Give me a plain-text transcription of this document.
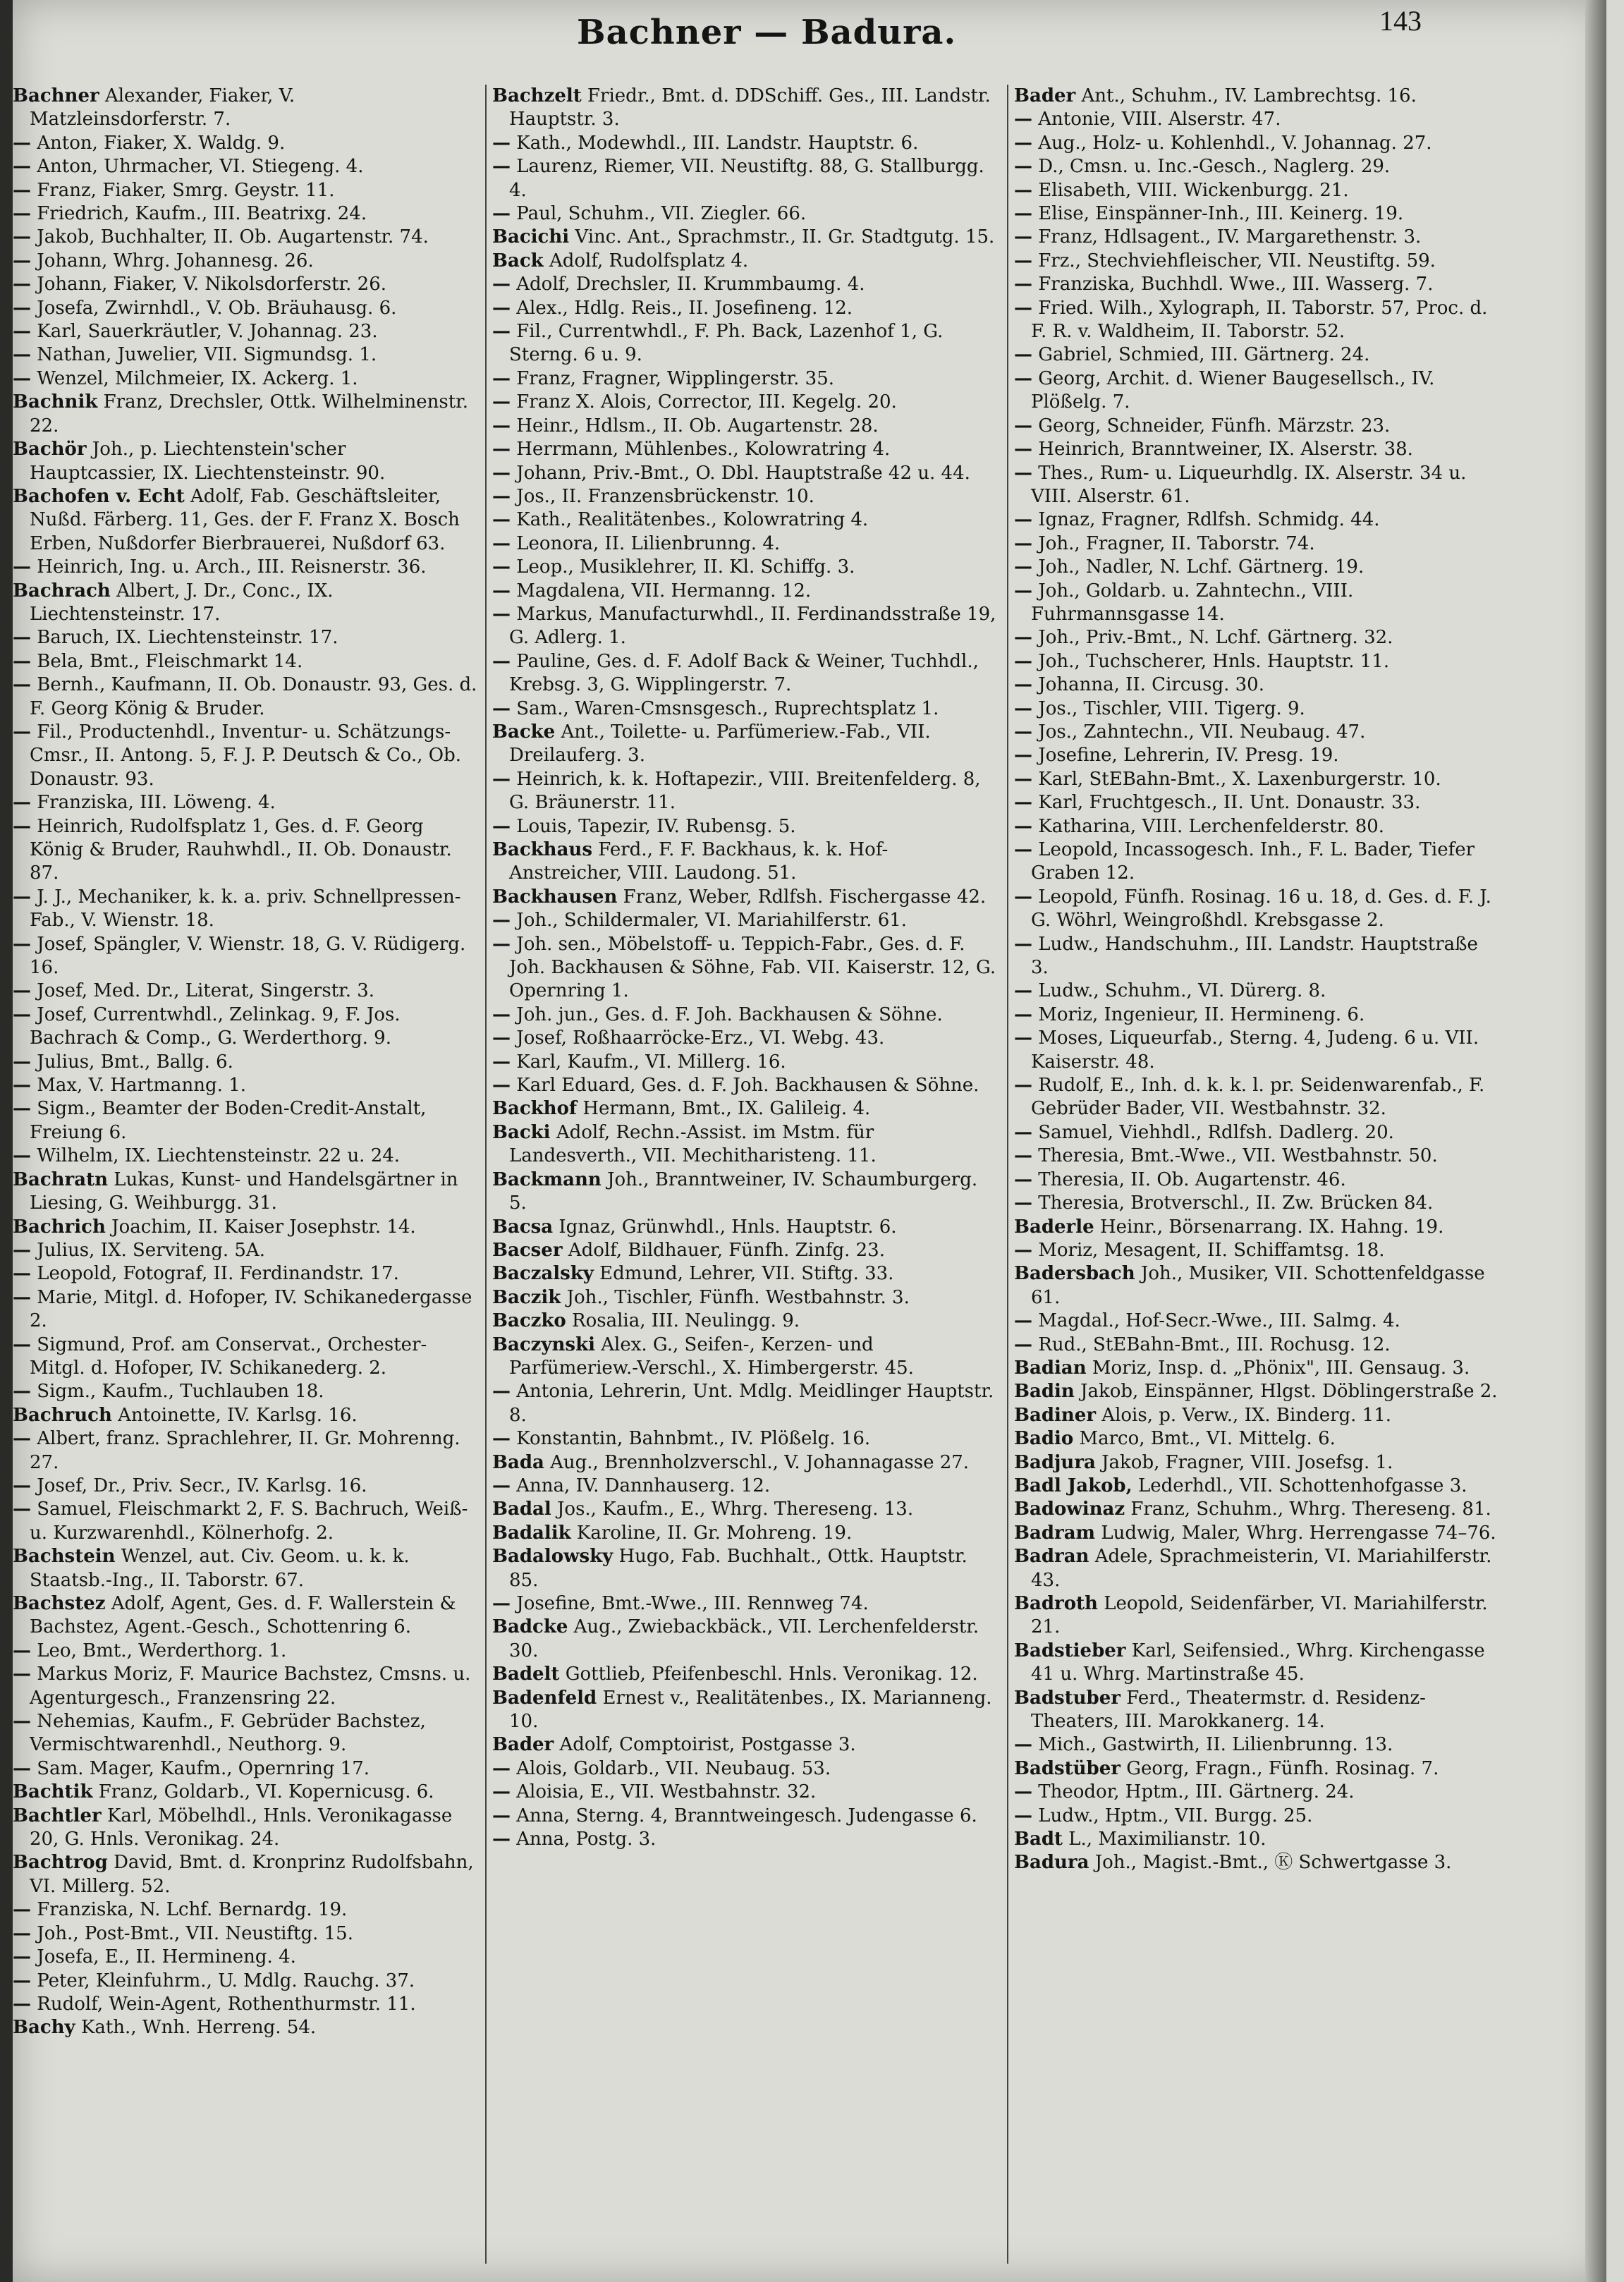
Bachner — Badura.	143

Bachner Alexander, Fiaker, V. Matzleinsdorferstr. 7.

— Anton, Fiaker, X. Waldg. 9.

— Anton, Uhrmacher, VI. Stiegeng. 4.

— Franz, Fiaker, Smrg. Geystr. 11.

— Friedrich, Kaufm., III. Beatrixg. 24.

— Jakob, Buchhalter, II. Ob. Augartenstr. 74.

— Johann, Whrg. Johannesg. 26.

— Johann, Fiaker, V. Nikolsdorferstr. 26.

— Josefa, Zwirnhdl., V. Ob. Bräuhausg. 6.

— Karl, Sauerkräutler, V. Johannag. 23.

— Nathan, Juwelier, VII. Sigmundsg. 1.

— Wenzel, Milchmeier, IX. Ackerg. 1.

Bachnik Franz, Drechsler, Ottk. Wilhelminenstr. 22.

Bachör Joh., p. Liechtenstein'scher Hauptcassier, IX. Liechtensteinstr. 90.

Bachofen v. Echt Adolf, Fab. Geschäftsleiter, Nußd. Färberg. 11, Ges. der F. Franz X. Bosch Erben, Nußdorfer Bierbrauerei, Nußdorf 63.

— Heinrich, Ing. u. Arch., III. Reisnerstr. 36.

Bachrach Albert, J. Dr., Conc., IX. Liechtensteinstr. 17.

— Baruch, IX. Liechtensteinstr. 17.

— Bela, Bmt., Fleischmarkt 14.

— Bernh., Kaufmann, II. Ob. Donaustr. 93, Ges. d. F. Georg König & Bruder.

— Fil., Productenhdl., Inventur- u. Schätzungs-Cmsr., II. Antong. 5, F. J. P. Deutsch & Co., Ob. Donaustr. 93.

— Franziska, III. Löweng. 4.

— Heinrich, Rudolfsplatz 1, Ges. d. F. Georg König & Bruder, Rauhwhdl., II. Ob. Donaustr. 87.

— J. J., Mechaniker, k. k. a. priv. Schnellpressen-Fab., V. Wienstr. 18.

— Josef, Spängler, V. Wienstr. 18, G. V. Rüdigerg. 16.

— Josef, Med. Dr., Literat, Singerstr. 3.

— Josef, Currentwhdl., Zelinkag. 9, F. Jos. Bachrach & Comp., G. Werderthorg. 9.

— Julius, Bmt., Ballg. 6.

— Max, V. Hartmanng. 1.

— Sigm., Beamter der Boden-Credit-Anstalt, Freiung 6.

— Wilhelm, IX. Liechtensteinstr. 22 u. 24.

Bachratn Lukas, Kunst- und Handelsgärtner in Liesing, G. Weihburgg. 31.

Bachrich Joachim, II. Kaiser Josephstr. 14.

— Julius, IX. Serviteng. 5A.

— Leopold, Fotograf, II. Ferdinandstr. 17.

— Marie, Mitgl. d. Hofoper, IV. Schikanedergasse 2.

— Sigmund, Prof. am Conservat., Orchester-Mitgl. d. Hofoper, IV. Schikanederg. 2.

— Sigm., Kaufm., Tuchlauben 18.

Bachruch Antoinette, IV. Karlsg. 16.

— Albert, franz. Sprachlehrer, II. Gr. Mohrenng. 27.

— Josef, Dr., Priv. Secr., IV. Karlsg. 16.

— Samuel, Fleischmarkt 2, F. S. Bachruch, Weiß- u. Kurzwarenhdl., Kölnerhofg. 2.

Bachstein Wenzel, aut. Civ. Geom. u. k. k. Staatsb.-Ing., II. Taborstr. 67.

Bachstez Adolf, Agent, Ges. d. F. Wallerstein & Bachstez, Agent.-Gesch., Schottenring 6.

— Leo, Bmt., Werderthorg. 1.

— Markus Moriz, F. Maurice Bachstez, Cmsns. u. Agenturgesch., Franzensring 22.

— Nehemias, Kaufm., F. Gebrüder Bachstez, Vermischtwarenhdl., Neuthorg. 9.

— Sam. Mager, Kaufm., Opernring 17.

Bachtik Franz, Goldarb., VI. Kopernicusg. 6.

Bachtler Karl, Möbelhdl., Hnls. Veronikagasse 20, G. Hnls. Veronikag. 24.

Bachtrog David, Bmt. d. Kronprinz Rudolfsbahn, VI. Millerg. 52.

— Franziska, N. Lchf. Bernardg. 19.

— Joh., Post-Bmt., VII. Neustiftg. 15.

— Josefa, E., II. Hermineng. 4.

— Peter, Kleinfuhrm., U. Mdlg. Rauchg. 37.

— Rudolf, Wein-Agent, Rothenthurmstr. 11.

Bachy Kath., Wnh. Herreng. 54.

Bachzelt Friedr., Bmt. d. DDSchiff. Ges., III. Landstr. Hauptstr. 3.

— Kath., Modewhdl., III. Landstr. Hauptstr. 6.

— Laurenz, Riemer, VII. Neustiftg. 88, G. Stallburgg. 4.

— Paul, Schuhm., VII. Ziegler. 66.

Bacichi Vinc. Ant., Sprachmstr., II. Gr. Stadtgutg. 15.

Back Adolf, Rudolfsplatz 4.

— Adolf, Drechsler, II. Krummbaumg. 4.

— Alex., Hdlg. Reis., II. Josefineng. 12.

— Fil., Currentwhdl., F. Ph. Back, Lazenhof 1, G. Sterng. 6 u. 9.

— Franz, Fragner, Wipplingerstr. 35.

— Franz X. Alois, Corrector, III. Kegelg. 20.

— Heinr., Hdlsm., II. Ob. Augartenstr. 28.

— Herrmann, Mühlenbes., Kolowratring 4.

— Johann, Priv.-Bmt., O. Dbl. Hauptstraße 42 u. 44.

— Jos., II. Franzensbrückenstr. 10.

— Kath., Realitätenbes., Kolowratring 4.

— Leonora, II. Lilienbrunng. 4.

— Leop., Musiklehrer, II. Kl. Schiffg. 3.

— Magdalena, VII. Hermanng. 12.

— Markus, Manufacturwhdl., II. Ferdinandsstraße 19, G. Adlerg. 1.

— Pauline, Ges. d. F. Adolf Back & Weiner, Tuchhdl., Krebsg. 3, G. Wipplingerstr. 7.

— Sam., Waren-Cmsnsgesch., Ruprechtsplatz 1.

Backe Ant., Toilette- u. Parfümeriew.-Fab., VII. Dreilauferg. 3.

— Heinrich, k. k. Hoftapezir., VIII. Breitenfelderg. 8, G. Bräunerstr. 11.

— Louis, Tapezir, IV. Rubensg. 5.

Backhaus Ferd., F. F. Backhaus, k. k. Hof-Anstreicher, VIII. Laudong. 51.

Backhausen Franz, Weber, Rdlfsh. Fischergasse 42.

— Joh., Schildermaler, VI. Mariahilferstr. 61.

— Joh. sen., Möbelstoff- u. Teppich-Fabr., Ges. d. F. Joh. Backhausen & Söhne, Fab. VII. Kaiserstr. 12, G. Opernring 1.

— Joh. jun., Ges. d. F. Joh. Backhausen & Söhne.

— Josef, Roßhaarröcke-Erz., VI. Webg. 43.

— Karl, Kaufm., VI. Millerg. 16.

— Karl Eduard, Ges. d. F. Joh. Backhausen & Söhne.

Backhof Hermann, Bmt., IX. Galileig. 4.

Backi Adolf, Rechn.-Assist. im Mstm. für Landesverth., VII. Mechitharisteng. 11.

Backmann Joh., Branntweiner, IV. Schaumburgerg. 5.

Bacsa Ignaz, Grünwhdl., Hnls. Hauptstr. 6.

Bacser Adolf, Bildhauer, Fünfh. Zinfg. 23.

Baczalsky Edmund, Lehrer, VII. Stiftg. 33.

Baczik Joh., Tischler, Fünfh. Westbahnstr. 3.

Baczko Rosalia, III. Neulingg. 9.

Baczynski Alex. G., Seifen-, Kerzen- und Parfümeriew.-Verschl., X. Himbergerstr. 45.

— Antonia, Lehrerin, Unt. Mdlg. Meidlinger Hauptstr. 8.

— Konstantin, Bahnbmt., IV. Plößelg. 16.

Bada Aug., Brennholzverschl., V. Johannagasse 27.

— Anna, IV. Dannhauserg. 12.

Badal Jos., Kaufm., E., Whrg. Thereseng. 13.

Badalik Karoline, II. Gr. Mohreng. 19.

Badalowsky Hugo, Fab. Buchhalt., Ottk. Hauptstr. 85.

— Josefine, Bmt.-Wwe., III. Rennweg 74.

Badcke Aug., Zwiebackbäck., VII. Lerchenfelderstr. 30.

Badelt Gottlieb, Pfeifenbeschl. Hnls. Veronikag. 12.

Badenfeld Ernest v., Realitätenbes., IX. Marianneng. 10.

Bader Adolf, Comptoirist, Postgasse 3.

— Alois, Goldarb., VII. Neubaug. 53.

— Aloisia, E., VII. Westbahnstr. 32.

— Anna, Sterng. 4, Branntweingesch. Judengasse 6.

— Anna, Postg. 3.

Bader Ant., Schuhm., IV. Lambrechtsg. 16.

— Antonie, VIII. Alserstr. 47.

— Aug., Holz- u. Kohlenhdl., V. Johannag. 27.

— D., Cmsn. u. Inc.-Gesch., Naglerg. 29.

— Elisabeth, VIII. Wickenburgg. 21.

— Elise, Einspänner-Inh., III. Keinerg. 19.

— Franz, Hdlsagent., IV. Margarethenstr. 3.

— Frz., Stechviehfleischer, VII. Neustiftg. 59.

— Franziska, Buchhdl. Wwe., III. Wasserg. 7.

— Fried. Wilh., Xylograph, II. Taborstr. 57, Proc. d. F. R. v. Waldheim, II. Taborstr. 52.

— Gabriel, Schmied, III. Gärtnerg. 24.

— Georg, Archit. d. Wiener Baugesellsch., IV. Plößelg. 7.

— Georg, Schneider, Fünfh. Märzstr. 23.

— Heinrich, Branntweiner, IX. Alserstr. 38.

— Thes., Rum- u. Liqueurhdlg. IX. Alserstr. 34 u. VIII. Alserstr. 61.

— Ignaz, Fragner, Rdlfsh. Schmidg. 44.

— Joh., Fragner, II. Taborstr. 74.

— Joh., Nadler, N. Lchf. Gärtnerg. 19.

— Joh., Goldarb. u. Zahntechn., VIII. Fuhrmannsgasse 14.

— Joh., Priv.-Bmt., N. Lchf. Gärtnerg. 32.

— Joh., Tuchscherer, Hnls. Hauptstr. 11.

— Johanna, II. Circusg. 30.

— Jos., Tischler, VIII. Tigerg. 9.

— Jos., Zahntechn., VII. Neubaug. 47.

— Josefine, Lehrerin, IV. Presg. 19.

— Karl, StEBahn-Bmt., X. Laxenburgerstr. 10.

— Karl, Fruchtgesch., II. Unt. Donaustr. 33.

— Katharina, VIII. Lerchenfelderstr. 80.

— Leopold, Incassogesch. Inh., F. L. Bader, Tiefer Graben 12.

— Leopold, Fünfh. Rosinag. 16 u. 18, d. Ges. d. F. J. G. Wöhrl, Weingroßhdl. Krebsgasse 2.

— Ludw., Handschuhm., III. Landstr. Hauptstraße 3.

— Ludw., Schuhm., VI. Dürerg. 8.

— Moriz, Ingenieur, II. Hermineng. 6.

— Moses, Liqueurfab., Sterng. 4, Judeng. 6 u. VII. Kaiserstr. 48.

— Rudolf, E., Inh. d. k. k. l. pr. Seidenwarenfab., F. Gebrüder Bader, VII. Westbahnstr. 32.

— Samuel, Viehhdl., Rdlfsh. Dadlerg. 20.

— Theresia, Bmt.-Wwe., VII. Westbahnstr. 50.

— Theresia, II. Ob. Augartenstr. 46.

— Theresia, Brotverschl., II. Zw. Brücken 84.

Baderle Heinr., Börsenarrang. IX. Hahng. 19.

— Moriz, Mesagent, II. Schiffamtsg. 18.

Badersbach Joh., Musiker, VII. Schottenfeldgasse 61.

— Magdal., Hof-Secr.-Wwe., III. Salmg. 4.

— Rud., StEBahn-Bmt., III. Rochusg. 12.

Badian Moriz, Insp. d. „Phönix", III. Gensaug. 3.

Badin Jakob, Einspänner, Hlgst. Döblingerstraße 2.

Badiner Alois, p. Verw., IX. Binderg. 11.

Badio Marco, Bmt., VI. Mittelg. 6.

Badjura Jakob, Fragner, VIII. Josefsg. 1.

Badl Jakob, Lederhdl., VII. Schottenhofgasse 3.

Badowinaz Franz, Schuhm., Whrg. Thereseng. 81.

Badram Ludwig, Maler, Whrg. Herrengasse 74–76.

Badran Adele, Sprachmeisterin, VI. Mariahilferstr. 43.

Badroth Leopold, Seidenfärber, VI. Mariahilferstr. 21.

Badstieber Karl, Seifensied., Whrg. Kirchengasse 41 u. Whrg. Martinstraße 45.

Badstuber Ferd., Theatermstr. d. Residenz-Theaters, III. Marokkanerg. 14.

— Mich., Gastwirth, II. Lilienbrunng. 13.

Badstüber Georg, Fragn., Fünfh. Rosinag. 7.

— Theodor, Hptm., III. Gärtnerg. 24.

— Ludw., Hptm., VII. Burgg. 25.

Badt L., Maximilianstr. 10.

Badura Joh., Magist.-Bmt., Ⓚ Schwertgasse 3.
